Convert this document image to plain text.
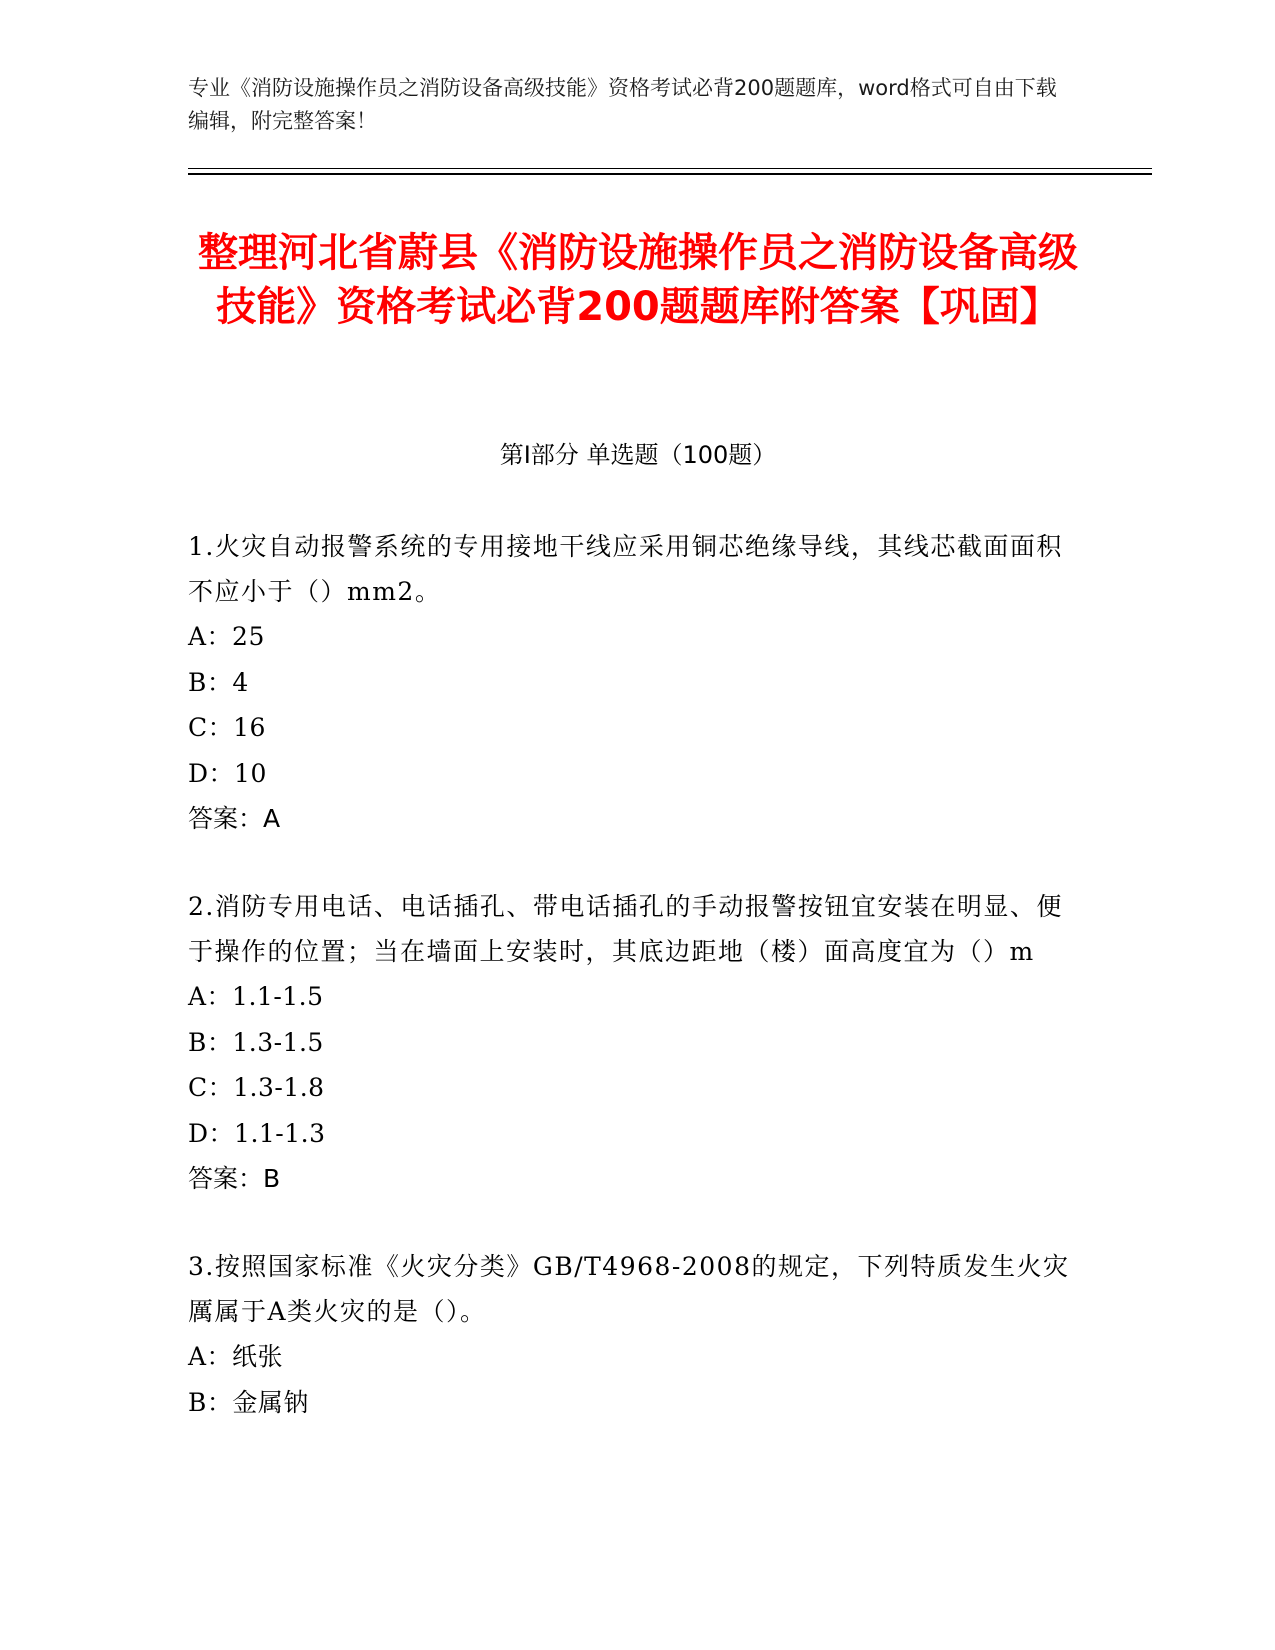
专业《消防设施操作员之消防设备高级技能》资格考试必背200题题库，word格式可自由下载编辑，附完整答案！
整理河北省蔚县《消防设施操作员之消防设备高级技能》资格考试必背200题题库附答案【巩固】
第Ⅰ部分 单选题（100题）
1.火灾自动报警系统的专用接地干线应采用铜芯绝缘导线，其线芯截面面积不应小于（）mm2。
A：25
B：4
C：16
D：10
答案：A
2.消防专用电话、电话插孔、带电话插孔的手动报警按钮宜安装在明显、便于操作的位置；当在墙面上安装时，其底边距地（楼）面高度宜为（）m
A：1.1-1.5
B：1.3-1.5
C：1.3-1.8
D：1.1-1.3
答案：B
3.按照国家标准《火灾分类》GB/T4968-2008的规定，下列特质发生火灾厲属于A类火灾的是（）。
A：纸张
B：金属钠
